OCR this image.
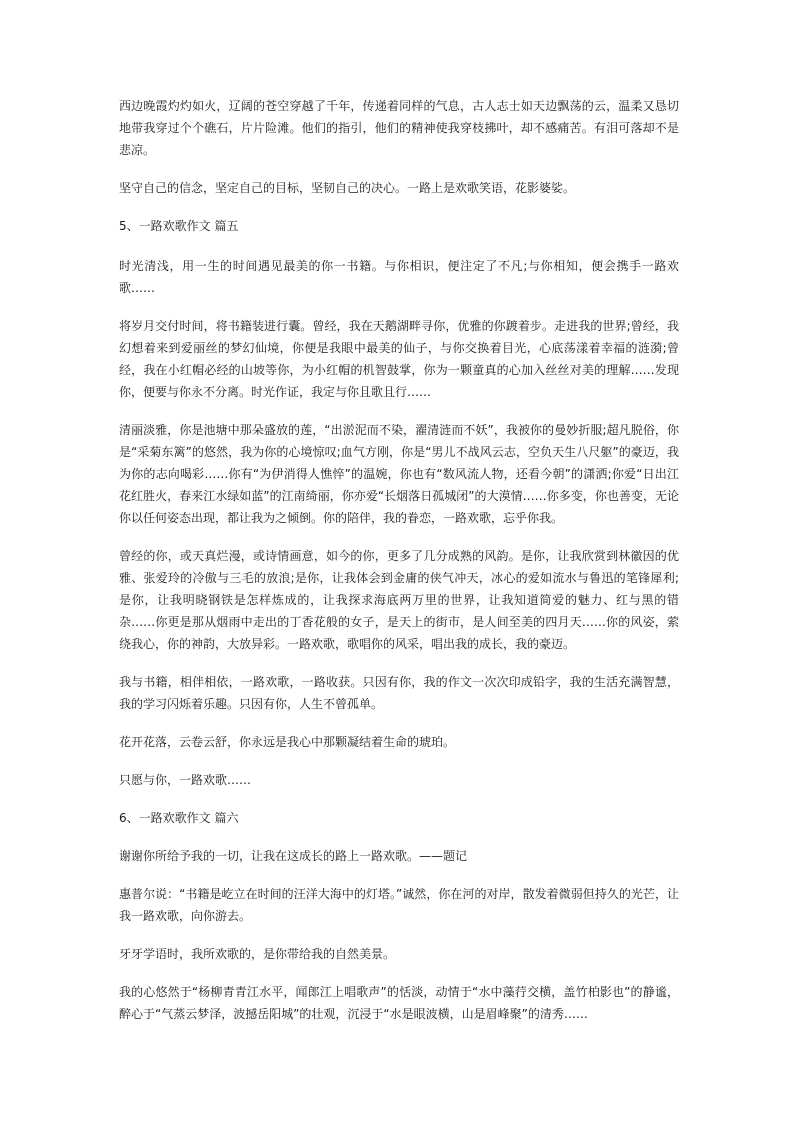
西边晚霞灼灼如火，辽阔的苍空穿越了千年，传递着同样的气息，古人志士如天边飘荡的云，温柔又恳切地带我穿过个个礁石，片片险滩。他们的指引，他们的精神使我穿枝拂叶，却不感痛苦。有泪可落却不是悲凉。

坚守自己的信念，坚定自己的目标，坚韧自己的决心。一路上是欢歌笑语，花影婆娑。

5、一路欢歌作文 篇五

时光清浅，用一生的时间遇见最美的你一书籍。与你相识，便注定了不凡;与你相知，便会携手一路欢歌……

将岁月交付时间，将书籍装进行囊。曾经，我在天鹅湖畔寻你，优雅的你踱着步。走进我的世界;曾经，我幻想着来到爱丽丝的梦幻仙境，你便是我眼中最美的仙子，与你交换着目光，心底荡漾着幸福的涟漪;曾经，我在小红帽必经的山坡等你，为小红帽的机智鼓掌，你为一颗童真的心加入丝丝对美的理解……发现你，便要与你永不分离。时光作证，我定与你且歌且行……

清丽淡雅，你是池塘中那朵盛放的莲，“出淤泥而不染，濯清涟而不妖”，我被你的曼妙折服;超凡脱俗，你是“采菊东篱”的悠然，我为你的心境惊叹;血气方刚，你是“男儿不战风云志，空负天生八尺躯”的豪迈，我为你的志向喝彩……你有“为伊消得人憔悴”的温婉，你也有“数风流人物，还看今朝”的潇洒;你爱“日出江花红胜火，春来江水绿如蓝”的江南绮丽，你亦爱“长烟落日孤城闭”的大漠情……你多变，你也善变，无论你以任何姿态出现，都让我为之倾倒。你的陪伴，我的眷恋，一路欢歌，忘乎你我。

曾经的你，或天真烂漫，或诗情画意，如今的你，更多了几分成熟的风韵。是你，让我欣赏到林徽因的优雅、张爱玲的冷傲与三毛的放浪;是你，让我体会到金庸的侠气冲天，冰心的爱如流水与鲁迅的笔锋犀利;是你，让我明晓钢铁是怎样炼成的，让我探求海底两万里的世界，让我知道简爱的魅力、红与黑的错杂……你更是那从烟雨中走出的丁香花般的女子，是天上的街市，是人间至美的四月天……你的风姿，萦绕我心，你的神韵，大放异彩。一路欢歌，歌唱你的风采，唱出我的成长，我的豪迈。

我与书籍，相伴相依，一路欢歌，一路收获。只因有你，我的作文一次次印成铅字，我的生活充满智慧，我的学习闪烁着乐趣。只因有你，人生不曾孤单。

花开花落，云卷云舒，你永远是我心中那颗凝结着生命的琥珀。

只愿与你，一路欢歌……

6、一路欢歌作文 篇六

谢谢你所给予我的一切，让我在这成长的路上一路欢歌。——题记

惠普尔说：“书籍是屹立在时间的汪洋大海中的灯塔。”诚然，你在河的对岸，散发着微弱但持久的光芒，让我一路欢歌，向你游去。

牙牙学语时，我所欢歌的，是你带给我的自然美景。

我的心悠然于“杨柳青青江水平，闻郎江上唱歌声”的恬淡，动情于“水中藻荇交横，盖竹柏影也”的静谧，醉心于“气蒸云梦泽，波撼岳阳城”的壮观，沉浸于“水是眼波横，山是眉峰聚”的清秀……
